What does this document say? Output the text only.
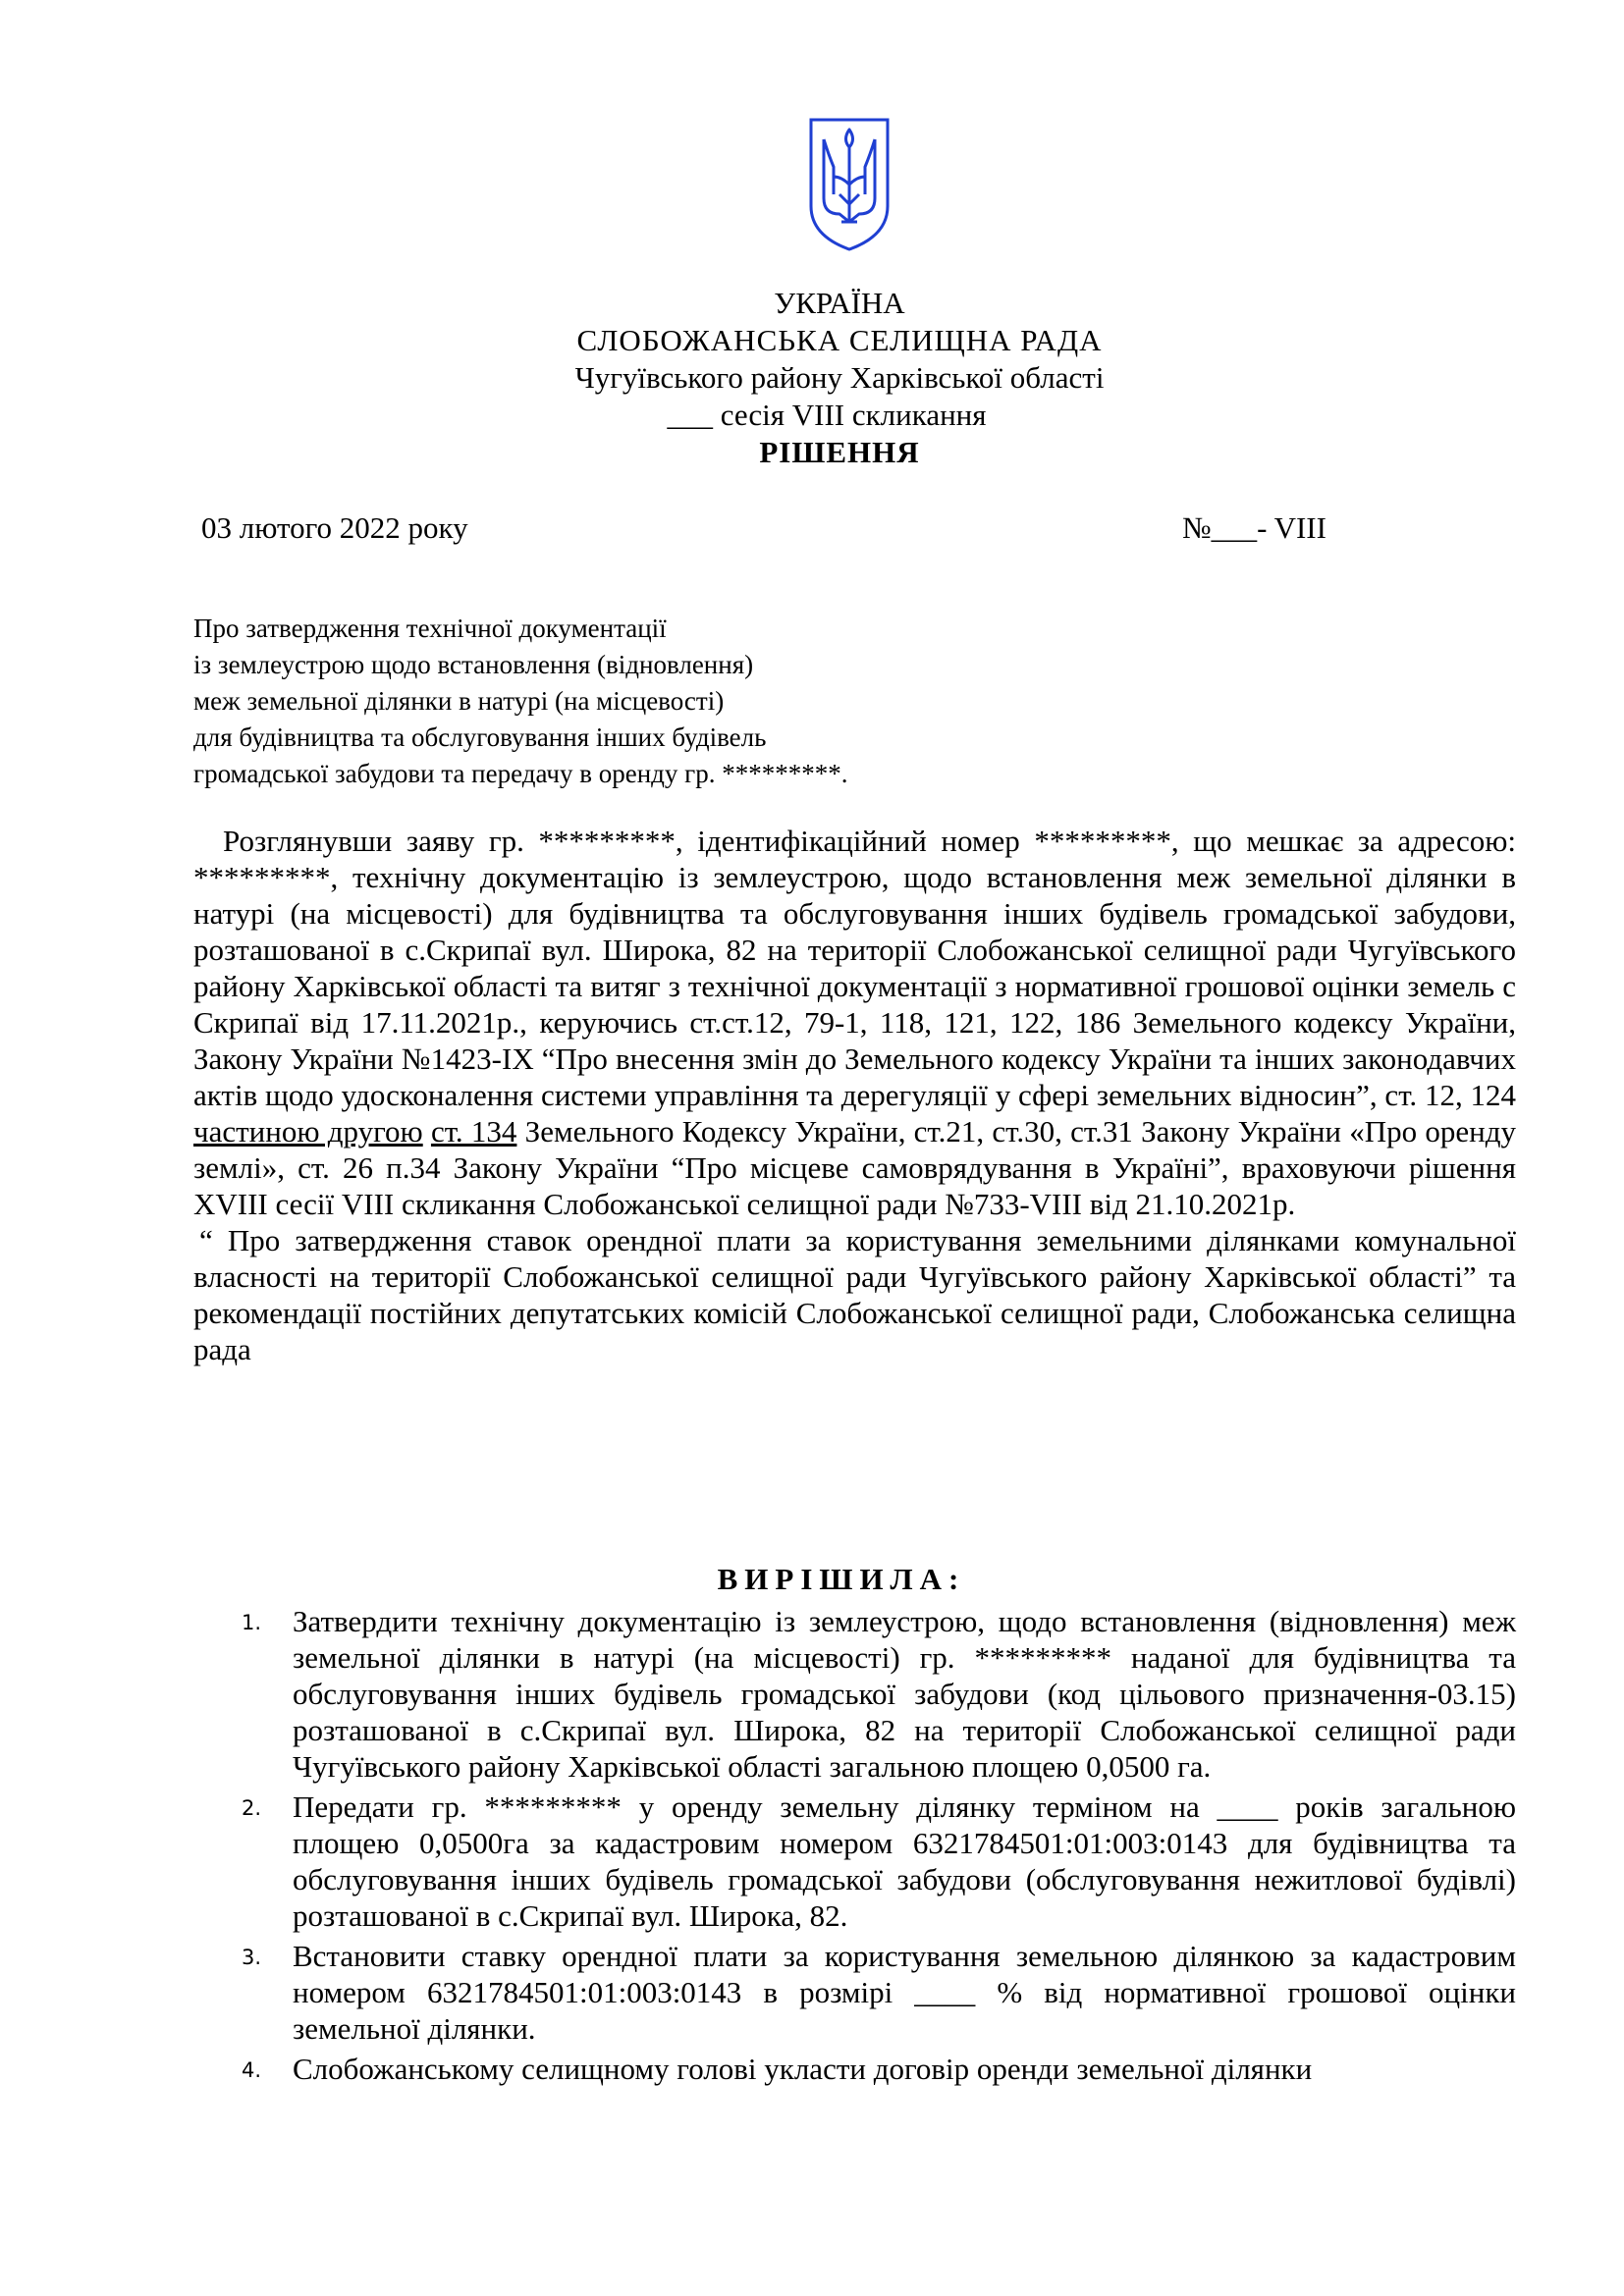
УКРАЇНА
СЛОБОЖАНСЬКА СЕЛИЩНА РАДА
Чугуївського району Харківської області
___ сесія VIII скликання
РІШЕННЯ
03 лютого 2022 року	№___- VIII
Про затвердження технічної документації
із землеустрою щодо встановлення (відновлення)
меж земельної ділянки в натурі (на місцевості)
для будівництва та обслуговування інших будівель
громадської забудови та передачу в оренду гр. *********.

Розглянувши заяву гр. *********, ідентифікаційний номер *********, що мешкає за адресою: *********, технічну документацію із землеустрою, щодо встановлення меж земельної ділянки в натурі (на місцевості) для будівництва та обслуговування інших будівель громадської забудови, розташованої в с.Скрипаї вул. Широка, 82 на території Слобожанської селищної ради Чугуївського району Харківської області та витяг з технічної документації з нормативної грошової оцінки земель с Скрипаї від 17.11.2021р., керуючись ст.ст.12, 79-1, 118, 121, 122, 186 Земельного кодексу України, Закону України №1423-IX “Про внесення змін до Земельного кодексу України та інших законодавчих актів щодо удосконалення системи управління та дерегуляції у сфері земельних відносин”, ст. 12, 124 частиною другою ст. 134 Земельного Кодексу України, ст.21, ст.30, ст.31 Закону України «Про оренду землі», ст. 26 п.34 Закону України “Про місцеве самоврядування в Україні”, враховуючи рішення XVIII сесії VIII скликання Слобожанської селищної ради №733-VIII від 21.10.2021р.

“ Про затвердження ставок орендної плати за користування земельними ділянками комунальної власності на території Слобожанської селищної ради Чугуївського району Харківської області” та рекомендації постійних депутатських комісій Слобожанської селищної ради, Слобожанська селищна рада

ВИРІШИЛА:
1. Затвердити технічну документацію із землеустрою, щодо встановлення (відновлення) меж земельної ділянки в натурі (на місцевості) гр. ********* наданої для будівництва та обслуговування інших будівель громадської забудови (код цільового призначення-03.15) розташованої в с.Скрипаї вул. Широка, 82 на території Слобожанської селищної ради Чугуївського району Харківської області загальною площею 0,0500 га.
2. Передати гр. ********* у оренду земельну ділянку терміном на ____ років загальною площею 0,0500га за кадастровим номером 6321784501:01:003:0143 для будівництва та обслуговування інших будівель громадської забудови (обслуговування нежитлової будівлі) розташованої в с.Скрипаї вул. Широка, 82.
3. Встановити ставку орендної плати за користування земельною ділянкою за кадастровим номером 6321784501:01:003:0143 в розмірі ____ % від нормативної грошової оцінки земельної ділянки.
4. Слобожанському селищному голові укласти договір оренди земельної ділянки
